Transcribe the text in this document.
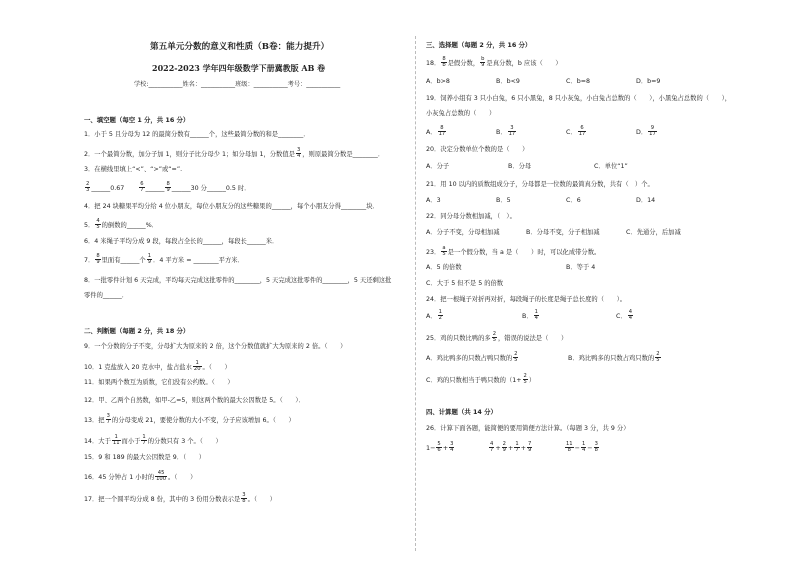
第五单元分数的意义和性质（B卷：能力提升）
2022-2023 学年四年级数学下册冀教版 AB 卷
学校:___________姓名：___________班级：___________考号：___________
一、填空题（每空 1 分，共 16 分）
1．小于 5 且分母为 12 的最简分数有______个，这些最简分数的和是________．
2．一个最简分数，加分子加 1，则分子比分母少 1；如分母加 1，分数值是 $\frac{3}{4}$ ，则原最简分数是________．
3．在横线里填上“<”、“>”或“=”.
$\frac{2}{3}$ ______0.67	$\frac{6}{7}$ ______ $\frac{8}{9}$ ______30 分______0.5 时．
4．把 24 块糖果平均分给 4 位小朋友，每位小朋友分的这些糖果的______，每个小朋友分得________块．
5． $\frac{4}{5}$ 的倒数的______%．
6．4 米绳子平均分成 9 段，每段占全长的______，每段长______米．
7． $\frac{8}{9}$ 里面有______个 $\frac{1}{9}$ ．4 平方米 = ________平方米．
8．一批零件计划 6 天完成，平均每天完成这批零件的________，5 天完成这批零件的________，5 天还剩这批
零件的______．
二、判断题（每题 2 分，共 18 分）
9．一个分数的分子不变，分母扩大为原来的 2 倍，这个分数值就扩大为原来的 2 倍。（　　）
10．1 克盐放入 20 克水中，盐占盐水 $\frac{1}{20}$ 。（　　）
11．如果两个数互为质数，它们没有公约数。（　　）
12．甲、乙两个自然数，如甲-乙=5，则这两个数的最大公因数是 5。（　　）．
13．把 $\frac{3}{7}$ 的分母变成 21，要使分数的大小不变，分子应该增加 6。（　　）
14．大于 $\frac{1}{11}$ 而小于 $\frac{1}{7}$ 的分数只有 3 个。（　　）
15．9 和 189 的最大公因数是 9．（　　）
16．45 分钟占 1 小时的 $\frac{45}{100}$ 。（　　）
17．把一个圆平均分成 8 份，其中的 3 份用分数表示是 $\frac{3}{8}$ 。（　　）
三、选择题（每题 2 分，共 16 分）
18． $\frac{8}{b}$ 是假分数， $\frac{b}{9}$ 是真分数，b 应该（　　）
A．b>8	B．b<9	C．b=8	D．b=9
19．饲养小组有 3 只小白兔，6 只小黑兔，8 只小灰兔，小白兔占总数的（　　），小黑兔占总数的（　　），
小灰兔占总数的（　　）
A． $\frac{8}{17}$	B． $\frac{3}{17}$	C． $\frac{6}{17}$	D． $\frac{9}{17}$
20．决定分数单位个数的是（　　）
A．分子	B．分母	C．单位“1”
21．用 10 以内的质数组成分子，分母都是一位数的最简真分数，共有（　）个。
A．3	B．5	C．6	D．14
22．同分母分数相加减，（　）。
A．分子不变，分母相加减	B．分母不变，分子相加减	C．先通分，后加减
23． $\frac{a}{5}$ 是一个假分数，当 a 是（　　）时，可以化成带分数。
A．5 的倍数	B．等于 4
C．大于 5 但不是 5 的倍数
24．把一根绳子对折再对折，每段绳子的长度是绳子总长度的（　　）。
A． $\frac{1}{2}$	B． $\frac{1}{4}$	C． $\frac{4}{4}$
25．鸡的只数比鸭的多 $\frac{2}{5}$ ，错误的说法是（　　）
A．鸡比鸭多的只数占鸭只数的 $\frac{2}{5}$	B．鸡比鸭多的只数占鸡只数的 $\frac{2}{5}$
C．鸡的只数相当于鸭只数的（$1+ \frac{2}{5}$ ）
四、计算题（共 14 分）
26．计算下面各题，能简便的要用简便方法计算。（每题 3 分，共 9 分）
$1- \frac{5}{6} + \frac{3}{4}$	$\frac{4}{7} + \frac{2}{9} + \frac{1}{7} + \frac{7}{9}$	$\frac{11}{8} - \frac{1}{4} - \frac{3}{8}$
